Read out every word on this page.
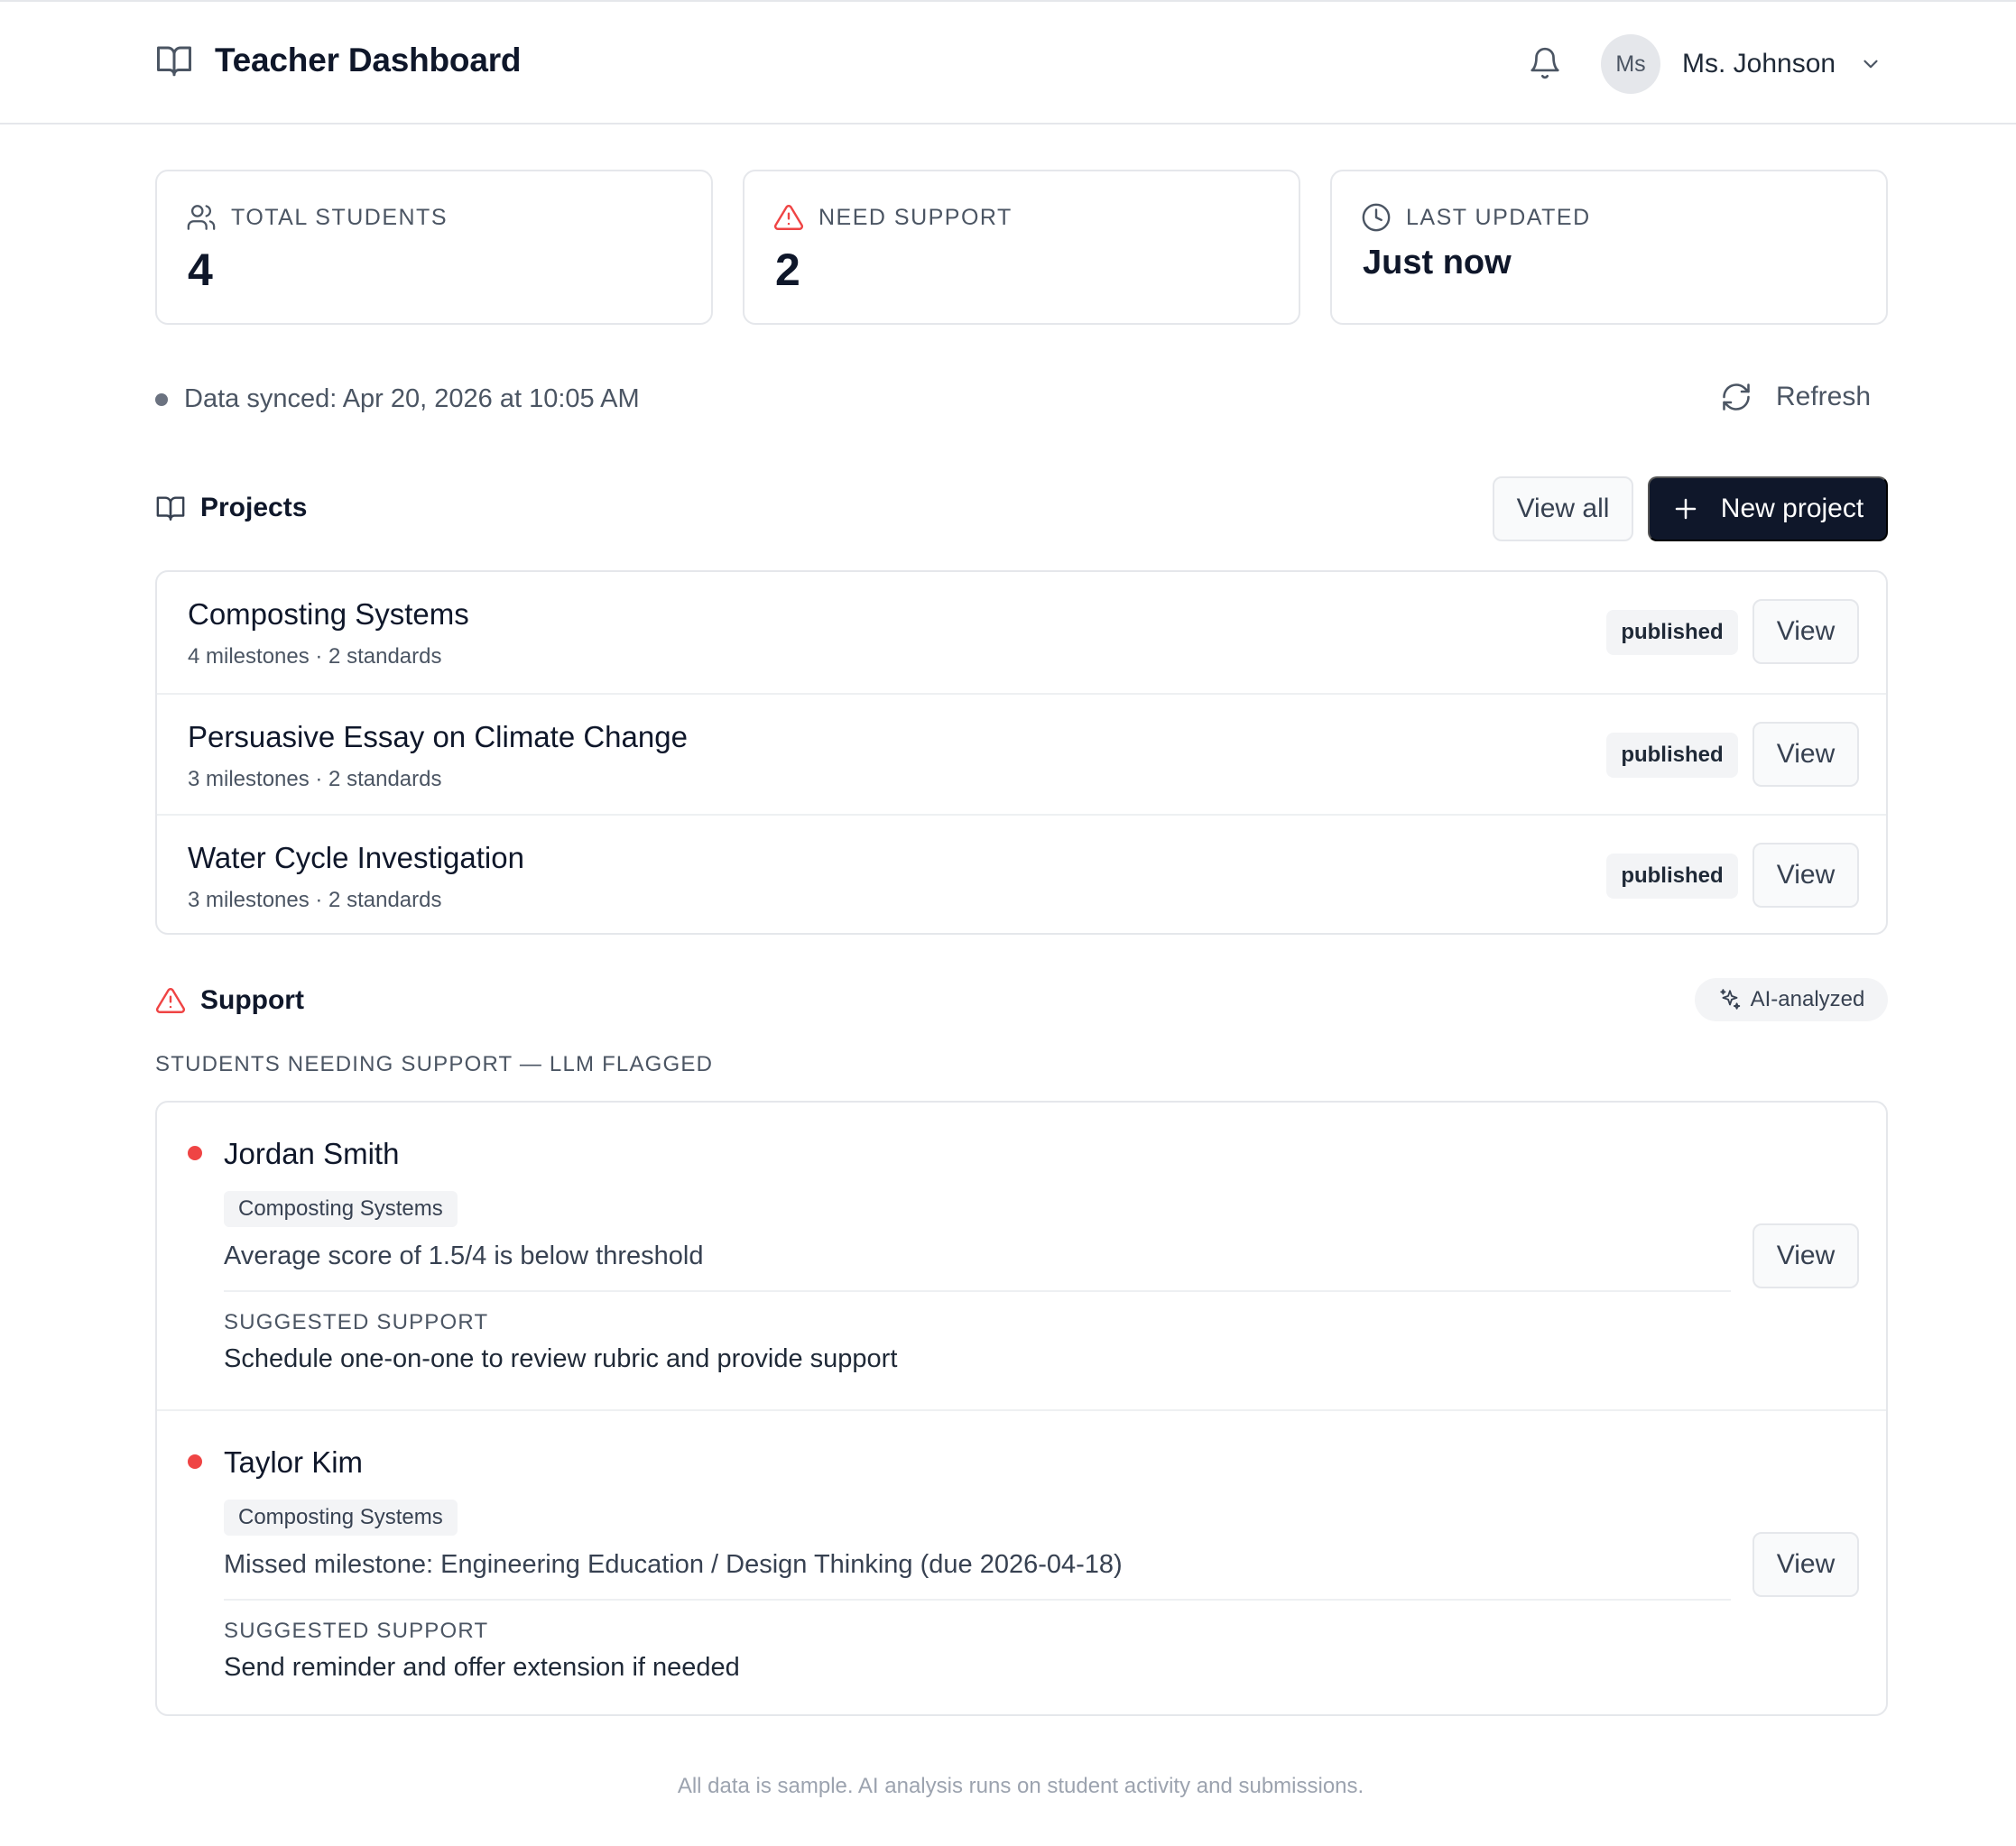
Teacher Dashboard	Ms	Ms. Johnson
TOTAL STUDENTS
4
NEED SUPPORT
2
LAST UPDATED
Just now
Data synced: Apr 20, 2026 at 10:05 AM	Refresh
Projects	View all	New project
Composting Systems
4 milestones · 2 standards
published	View
Persuasive Essay on Climate Change
3 milestones · 2 standards
published	View
Water Cycle Investigation
3 milestones · 2 standards
published	View
Support	AI-analyzed
STUDENTS NEEDING SUPPORT — LLM FLAGGED
Jordan Smith
Composting Systems
Average score of 1.5/4 is below threshold
SUGGESTED SUPPORT
Schedule one-on-one to review rubric and provide support
View
Taylor Kim
Composting Systems
Missed milestone: Engineering Education / Design Thinking (due 2026-04-18)
SUGGESTED SUPPORT
Send reminder and offer extension if needed
View
All data is sample. AI analysis runs on student activity and submissions.
